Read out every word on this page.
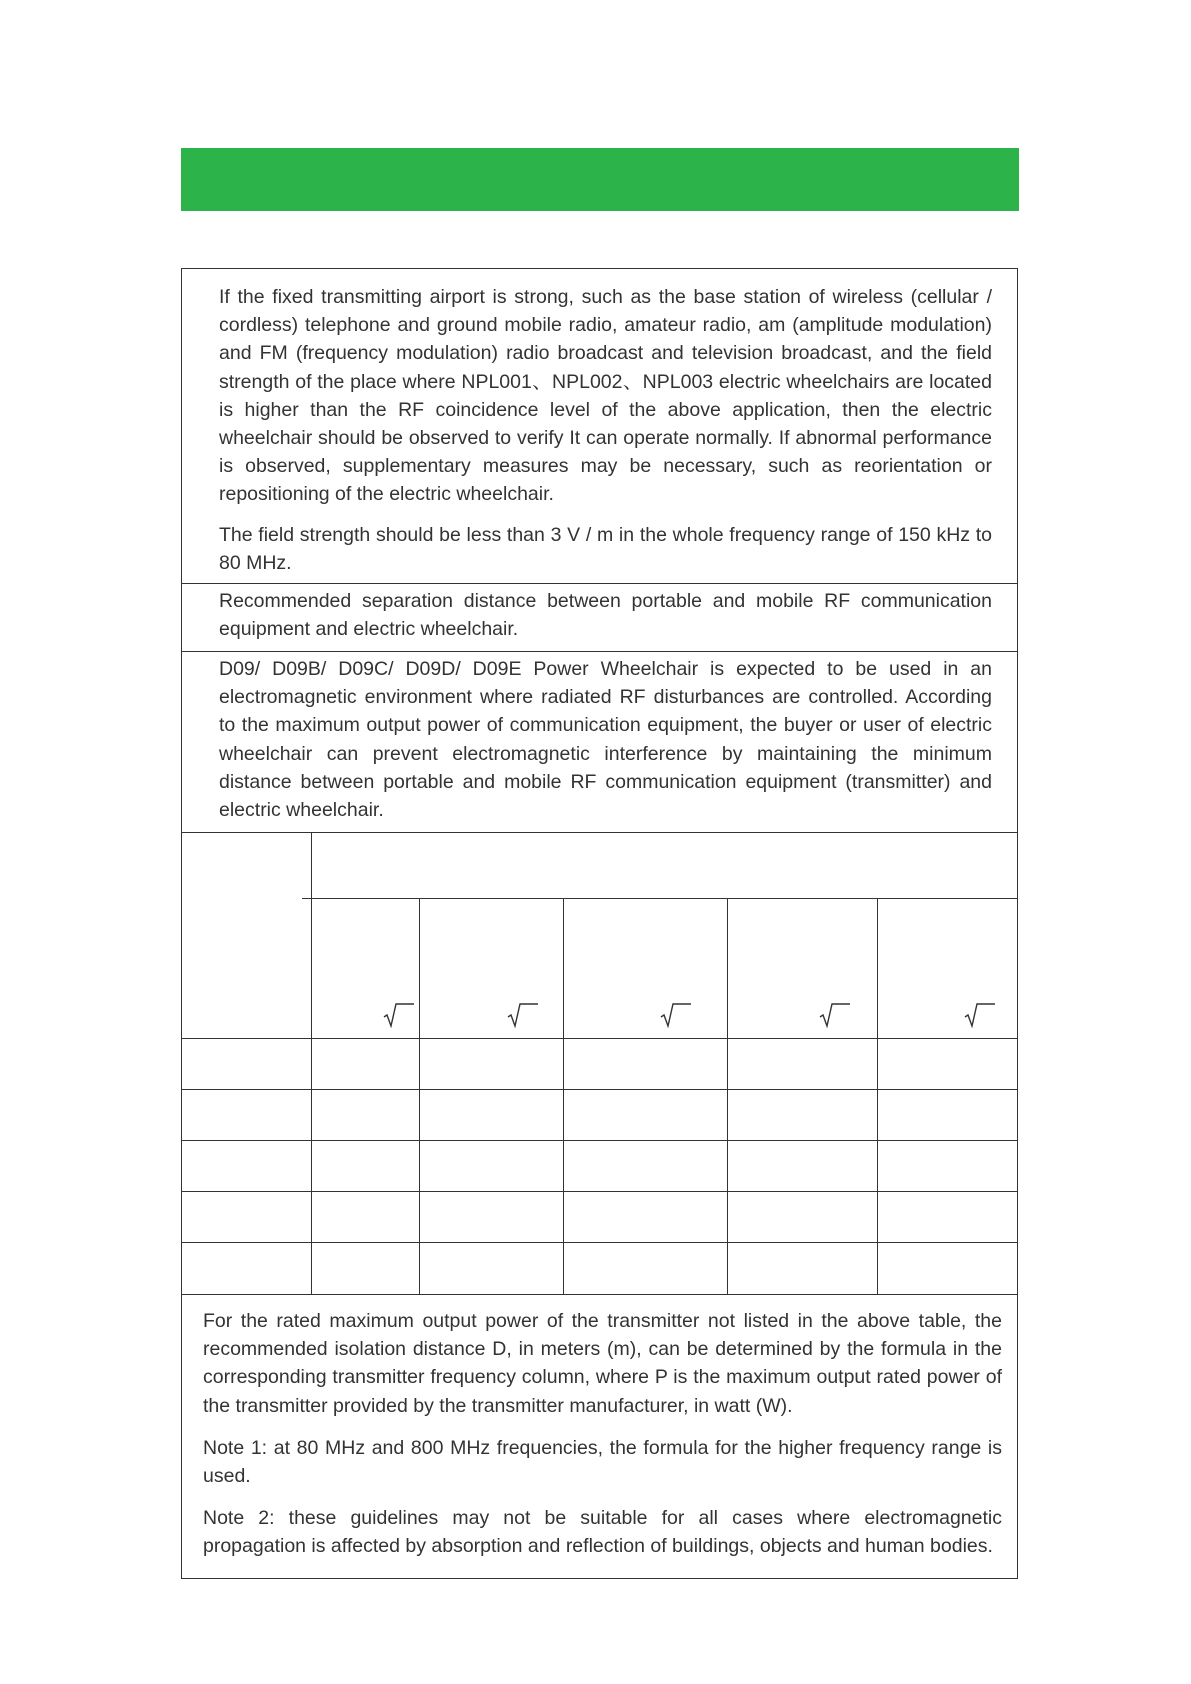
If the fixed transmitting airport is strong, such as the base station of wireless (cellular / cordless) telephone and ground mobile radio, amateur radio, am (amplitude modulation) and FM (frequency modulation) radio broadcast and television broadcast, and the field strength of the place where NPL001、NPL002、NPL003 electric wheelchairs are located is higher than the RF coincidence level of the above application, then the electric wheelchair should be observed to verify It can operate normally. If abnormal performance is observed, supplementary measures may be necessary, such as reorientation or repositioning of the electric wheelchair.

The field strength should be less than 3 V / m in the whole frequency range of 150 kHz to 80 MHz.

Recommended separation distance between portable and mobile RF communication equipment and electric wheelchair.

D09/ D09B/ D09C/ D09D/ D09E Power Wheelchair is expected to be used in an electromagnetic environment where radiated RF disturbances are controlled. According to the maximum output power of communication equipment, the buyer or user of electric wheelchair can prevent electromagnetic interference by maintaining the minimum distance between portable and mobile RF communication equipment (transmitter) and electric wheelchair.

For the rated maximum output power of the transmitter not listed in the above table, the recommended isolation distance D, in meters (m), can be determined by the formula in the corresponding transmitter frequency column, where P is the maximum output rated power of the transmitter provided by the transmitter manufacturer, in watt (W).

Note 1: at 80 MHz and 800 MHz frequencies, the formula for the higher frequency range is used.

Note 2: these guidelines may not be suitable for all cases where electromagnetic propagation is affected by absorption and reflection of buildings, objects and human bodies.
